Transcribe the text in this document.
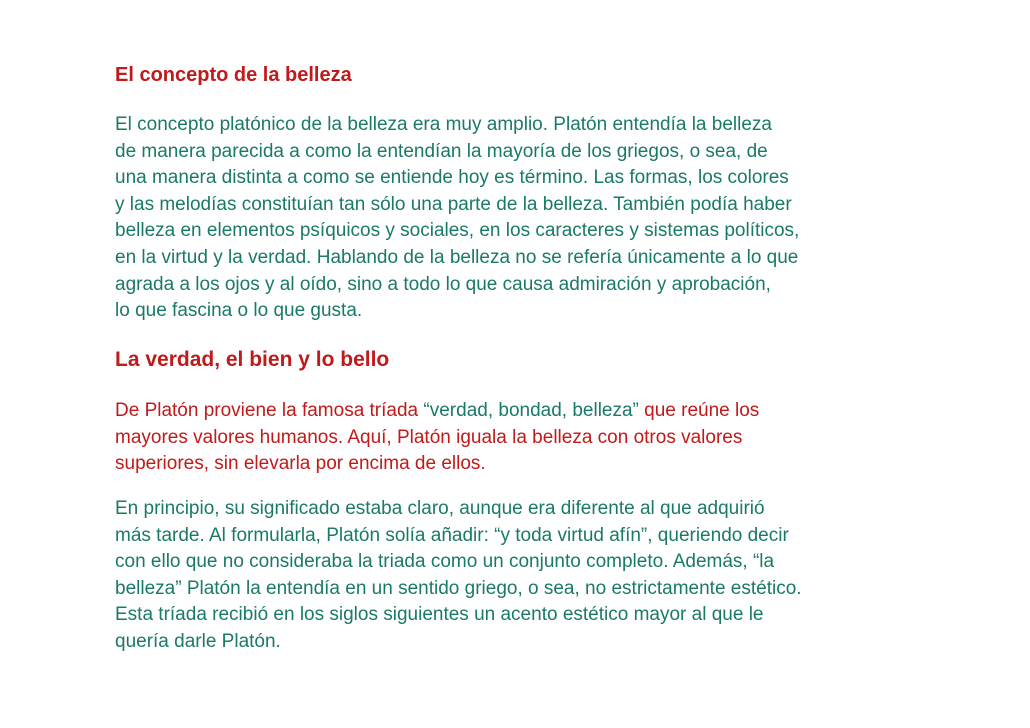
El concepto de la belleza

El concepto platónico de la belleza era muy amplio. Platón entendía la belleza
de manera parecida a como la entendían la mayoría de los griegos, o sea, de
una manera distinta a como se entiende hoy es término. Las formas, los colores
y las melodías constituían tan sólo una parte de la belleza. También podía haber
belleza en elementos psíquicos y sociales, en los caracteres y sistemas políticos,
en la virtud y la verdad. Hablando de la belleza no se refería únicamente a lo que
agrada a los ojos y al oído, sino a todo lo que causa admiración y aprobación,
lo que fascina o lo que gusta.

La verdad, el bien y lo bello

De Platón proviene la famosa tríada “verdad, bondad, belleza” que reúne los
mayores valores humanos. Aquí, Platón iguala la belleza con otros valores
superiores, sin elevarla por encima de ellos.

En principio, su significado estaba claro, aunque era diferente al que adquirió
más tarde. Al formularla, Platón solía añadir: “y toda virtud afín”, queriendo decir
con ello que no consideraba la triada como un conjunto completo. Además, “la
belleza” Platón la entendía en un sentido griego, o sea, no estrictamente estético.
Esta tríada recibió en los siglos siguientes un acento estético mayor al que le
quería darle Platón.
